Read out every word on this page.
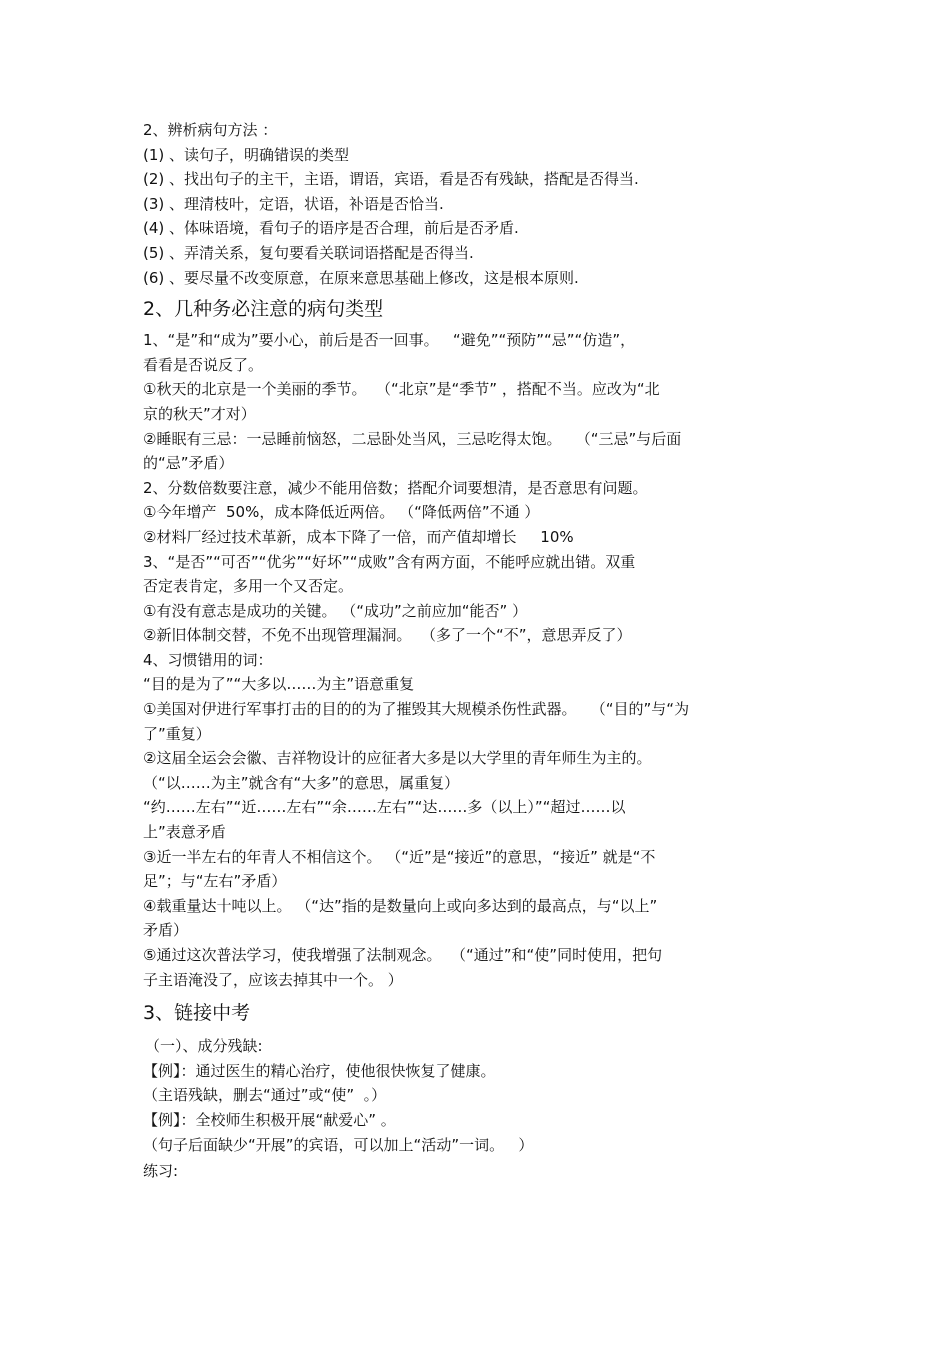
2、辨析病句方法 ：
(1) 、读句子，明确错误的类型
(2) 、找出句子的主干，主语，谓语，宾语，看是否有残缺，搭配是否得当.
(3) 、理清枝叶，定语，状语，补语是否恰当.
(4) 、体味语境，看句子的语序是否合理，前后是否矛盾.
(5) 、弄清关系，复句要看关联词语搭配是否得当.
(6) 、要尽量不改变原意，在原来意思基础上修改，这是根本原则.
2、几种务必注意的病句类型
1、“是”和“成为”要小心，前后是否一回事。   “避免”“预防”“忌”“仿造”，
看看是否说反了。
①秋天的北京是一个美丽的季节。  （“北京”是“季节” ，搭配不当。应改为“北
京的秋天”才对）
②睡眠有三忌：一忌睡前恼怒，二忌卧处当风，三忌吃得太饱。   （“三忌”与后面
的“忌”矛盾）
2、分数倍数要注意，减少不能用倍数；搭配介词要想清，是否意思有问题。
①今年增产  50%，成本降低近两倍。 （“降低两倍”不通 ）
②材料厂经过技术革新，成本下降了一倍，而产值却增长     10%
3、“是否”“可否”“优劣”“好坏”“成败”含有两方面，不能呼应就出错。双重
否定表肯定，多用一个又否定。
①有没有意志是成功的关键。 （“成功”之前应加“能否” ）
②新旧体制交替，不免不出现管理漏洞。  （多了一个“不”，意思弄反了）
4、习惯错用的词：
“目的是为了”“大多以……为主”语意重复
①美国对伊进行军事打击的目的的为了摧毁其大规模杀伤性武器。   （“目的”与“为
了”重复）
②这届全运会会徽、吉祥物设计的应征者大多是以大学里的青年师生为主的。
（“以……为主”就含有“大多”的意思，属重复）
“约……左右”“近……左右”“余……左右”“达……多（以上）”“超过……以
上”表意矛盾
③近一半左右的年青人不相信这个。 （“近”是“接近”的意思，“接近” 就是“不
足”；与“左右”矛盾）
④载重量达十吨以上。 （“达”指的是数量向上或向多达到的最高点，与“以上”
矛盾）
⑤通过这次普法学习，使我增强了法制观念。  （“通过”和“使”同时使用，把句
子主语淹没了，应该去掉其中一个。 ）
3、链接中考
（一）、成分残缺:
【例】：通过医生的精心治疗，使他很快恢复了健康。
（主语残缺，删去“通过”或“使”  。）
【例】：全校师生积极开展“献爱心” 。
（句子后面缺少“开展”的宾语，可以加上“活动”一词。   ）
练习:
